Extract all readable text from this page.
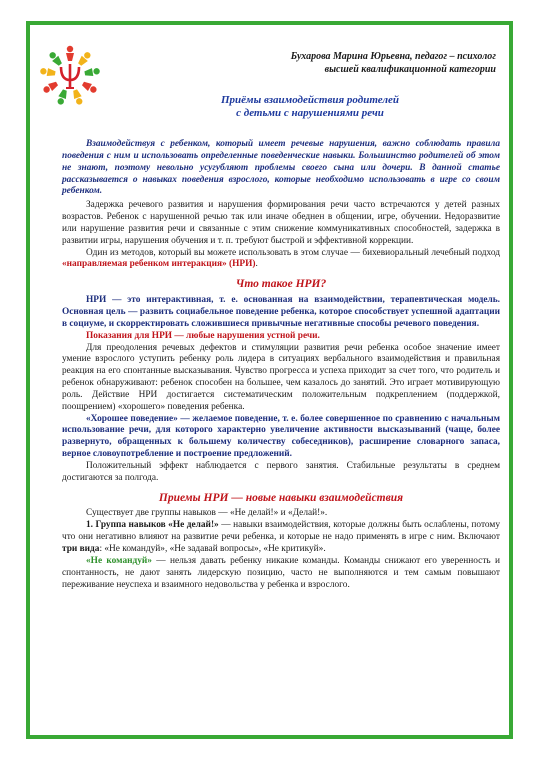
Бухарова Марина Юрьевна, педагог – психолог
высшей квалификационной категории
Приёмы взаимодействия родителей
с детьми с нарушениями речи

Взаимодействуя с ребенком, который имеет речевые нарушения, важно соблюдать правила поведения с ним и использовать определенные поведенческие навыки. Большинство родителей об этом не знают, поэтому невольно усугубляют проблемы своего сына или дочери. В данной статье рассказывается о навыках поведения взрослого, которые необходимо использовать в игре со своим ребенком.

Задержка речевого развития и нарушения формирования речи часто встречаются у детей разных возрастов. Ребенок с нарушенной речью так или иначе обеднен в общении, игре, обучении. Недоразвитие или нарушение развития речи и связанные с этим снижение коммуникативных способностей, задержка в развитии игры, нарушения обучения и т. п. требуют быстрой и эффективной коррекции.

Один из методов, который вы можете использовать в этом случае — бихевиоральный лечебный подход «направляемая ребенком интеракция» (НРИ).

Что такое НРИ?

НРИ — это интерактивная, т. е. основанная на взаимодействии, терапевтическая модель. Основная цель — развить социабельное поведение ребенка, которое способствует успешной адаптации в социуме, и скорректировать сложившиеся привычные негативные способы речевого поведения.

Показания для НРИ — любые нарушения устной речи.

Для преодоления речевых дефектов и стимуляции развития речи ребенка особое значение имеет умение взрослого уступить ребенку роль лидера в ситуациях вербального взаимодействия и правильная реакция на его спонтанные высказывания. Чувство прогресса и успеха приходит за счет того, что родитель и ребенок обнаруживают: ребенок способен на большее, чем казалось до занятий. Это играет мотивирующую роль. Действие НРИ достигается систематическим положительным подкреплением (поддержкой, поощрением) «хорошего» поведения ребенка.

«Хорошее поведение» — желаемое поведение, т. е. более совершенное по сравнению с начальным использование речи, для которого характерно увеличение активности высказываний (чаще, более развернуто, обращенных к большему количеству собеседников), расширение словарного запаса, верное словоупотребление и построение предложений.

Положительный эффект наблюдается с первого занятия. Стабильные результаты в среднем достигаются за полгода.

Приемы НРИ — новые навыки взаимодействия

Существует две группы навыков — «Не делай!» и «Делай!».

1. Группа навыков «Не делай!» — навыки взаимодействия, которые должны быть ослаблены, потому что они негативно влияют на развитие речи ребенка, и которые не надо применять в игре с ним. Включают три вида: «Не командуй», «Не задавай вопросы», «Не критикуй».

«Не командуй» — нельзя давать ребенку никакие команды. Команды снижают его уверенность и спонтанность, не дают занять лидерскую позицию, часто не выполняются и тем самым повышают переживание неуспеха и взаимного недовольства у ребенка и взрослого.
